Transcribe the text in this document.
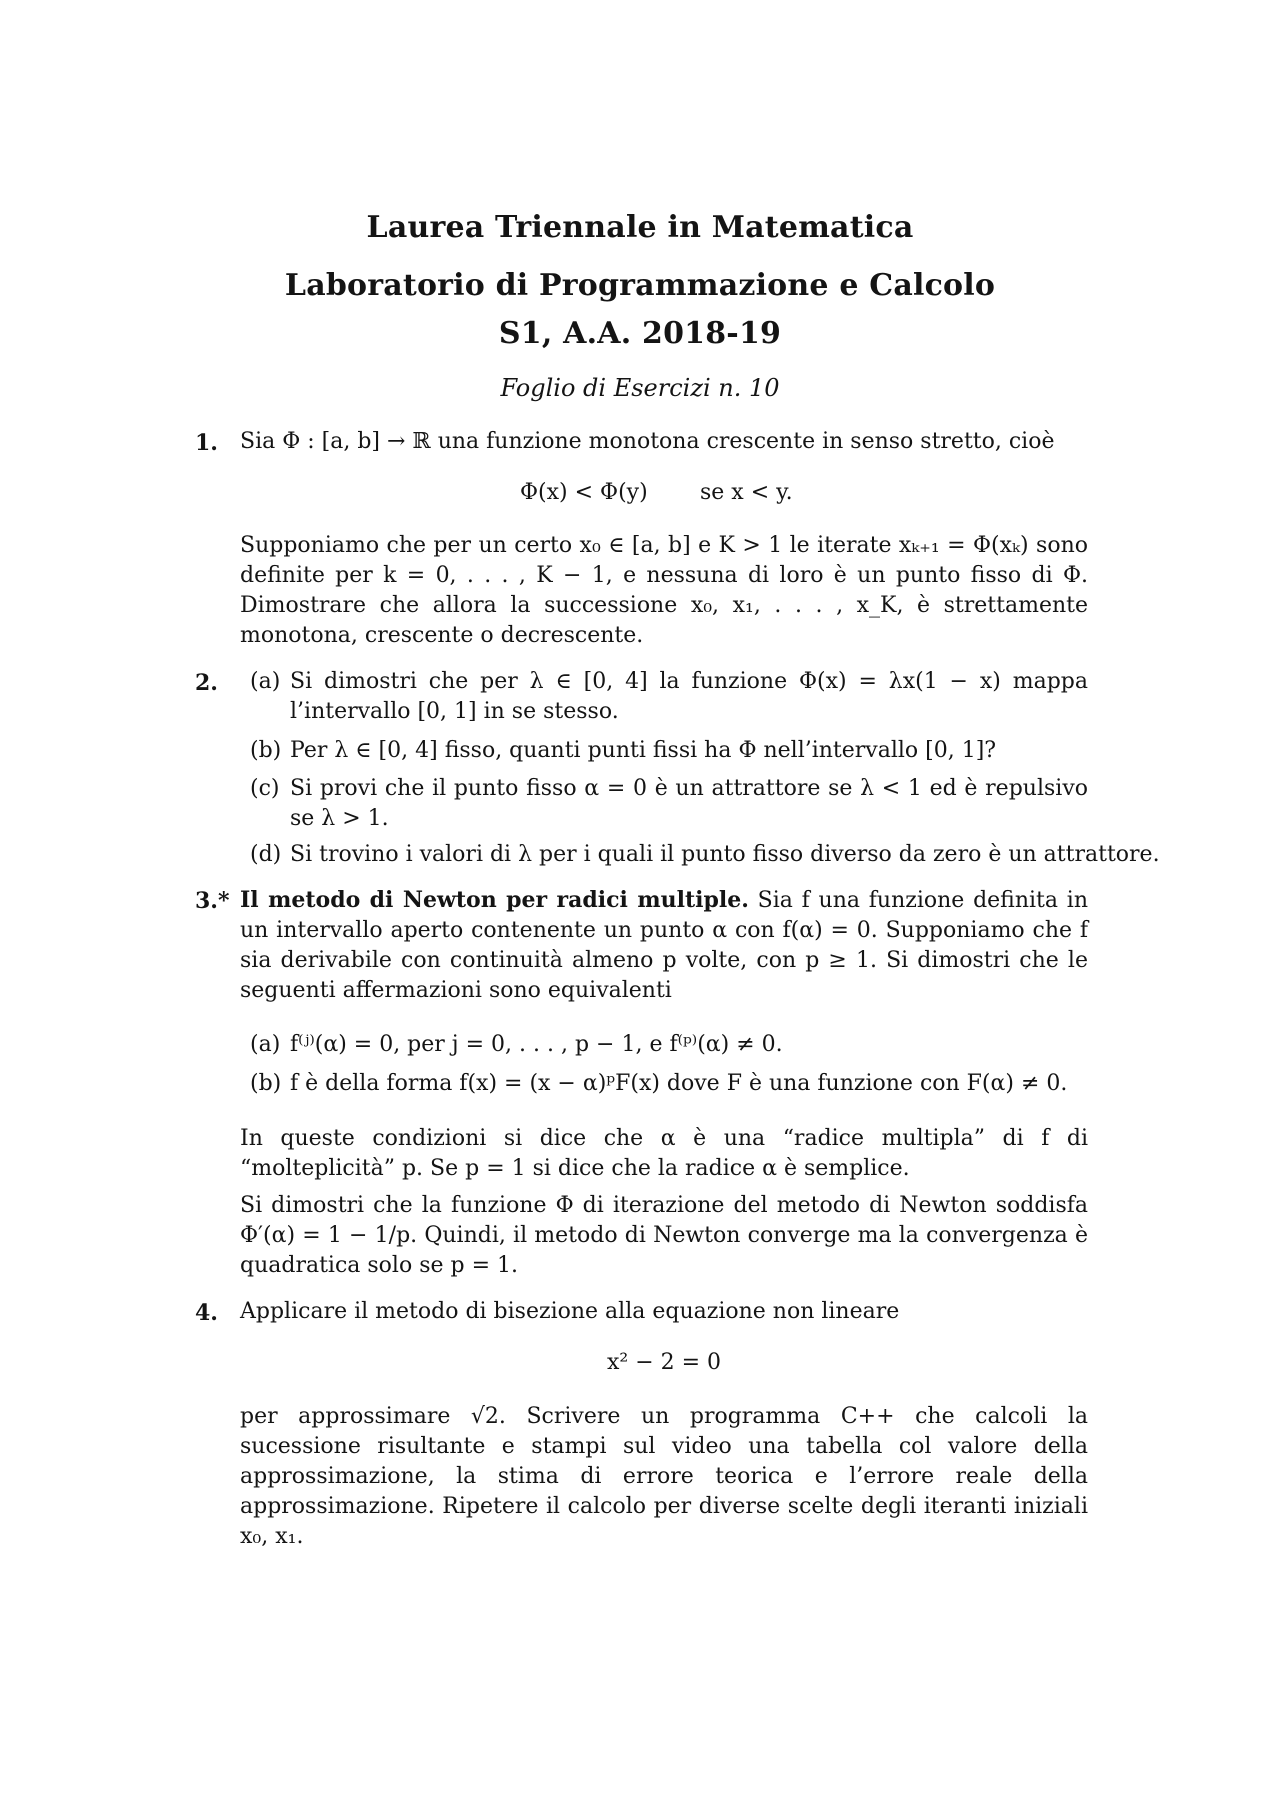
Laurea Triennale in Matematica
Laboratorio di Programmazione e Calcolo
S1, A.A. 2018-19
Foglio di Esercizi n. 10
1. Sia Φ : [a, b] → ℝ una funzione monotona crescente in senso stretto, cioè
Φ(x) < Φ(y)	se x < y.
Supponiamo che per un certo x₀ ∈ [a, b] e K > 1 le iterate xₖ₊₁ = Φ(xₖ) sono definite per k = 0, . . . , K − 1, e nessuna di loro è un punto fisso di Φ. Dimostrare che allora la successione x₀, x₁, . . . , x_K, è strettamente monotona, crescente o decrescente.
2. (a) Si dimostri che per λ ∈ [0, 4] la funzione Φ(x) = λx(1 − x) mappa l’intervallo [0, 1] in se stesso.
(b) Per λ ∈ [0, 4] fisso, quanti punti fissi ha Φ nell’intervallo [0, 1]?
(c) Si provi che il punto fisso α = 0 è un attrattore se λ < 1 ed è repulsivo se λ > 1.
(d) Si trovino i valori di λ per i quali il punto fisso diverso da zero è un attrattore.
3.* Il metodo di Newton per radici multiple. Sia f una funzione definita in un intervallo aperto contenente un punto α con f(α) = 0. Supponiamo che f sia derivabile con continuità almeno p volte, con p ≥ 1. Si dimostri che le seguenti affermazioni sono equivalenti
(a) f⁽ʲ⁾(α) = 0, per j = 0, . . . , p − 1, e f⁽ᵖ⁾(α) ≠ 0.
(b) f è della forma f(x) = (x − α)ᵖF(x) dove F è una funzione con F(α) ≠ 0.
In queste condizioni si dice che α è una “radice multipla” di f di “molteplicità” p. Se p = 1 si dice che la radice α è semplice.
Si dimostri che la funzione Φ di iterazione del metodo di Newton soddisfa Φ′(α) = 1 − 1/p. Quindi, il metodo di Newton converge ma la convergenza è quadratica solo se p = 1.
4. Applicare il metodo di bisezione alla equazione non lineare
x² − 2 = 0
per approssimare √2. Scrivere un programma C++ che calcoli la sucessione risultante e stampi sul video una tabella col valore della approssimazione, la stima di errore teorica e l’errore reale della approssimazione. Ripetere il calcolo per diverse scelte degli iteranti iniziali x₀, x₁.
